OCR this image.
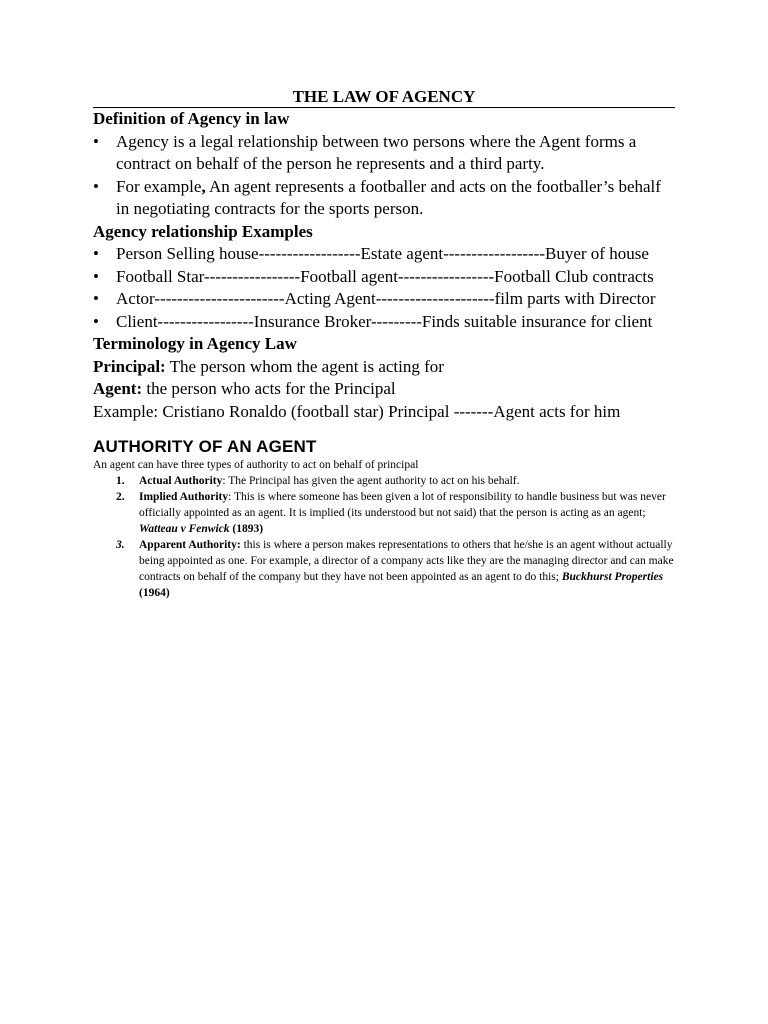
THE LAW OF AGENCY

Definition of Agency in law

• Agency is a legal relationship between two persons where the Agent forms a contract on behalf of the person he represents and a third party.
• For example, An agent represents a footballer and acts on the footballer’s behalf in negotiating contracts for the sports person.

Agency relationship Examples

• Person Selling house------------------Estate agent------------------Buyer of house
• Football Star-----------------Football agent-----------------Football Club contracts
• Actor-----------------------Acting Agent---------------------film parts with Director
• Client-----------------Insurance Broker---------Finds suitable insurance for client

Terminology in Agency Law

Principal: The person whom the agent is acting for

Agent: the person who acts for the Principal

Example: Cristiano Ronaldo (football star) Principal -------Agent acts for him

AUTHORITY OF AN AGENT
An agent can have three types of authority to act on behalf of principal
1. Actual Authority: The Principal has given the agent authority to act on his behalf.
2. Implied Authority: This is where someone has been given a lot of responsibility to handle business but was never officially appointed as an agent. It is implied (its understood but not said) that the person is acting as an agent; Watteau v Fenwick (1893)
3. Apparent Authority: this is where a person makes representations to others that he/she is an agent without actually being appointed as one. For example, a director of a company acts like they are the managing director and can make contracts on behalf of the company but they have not been appointed as an agent to do this; Buckhurst Properties (1964)
